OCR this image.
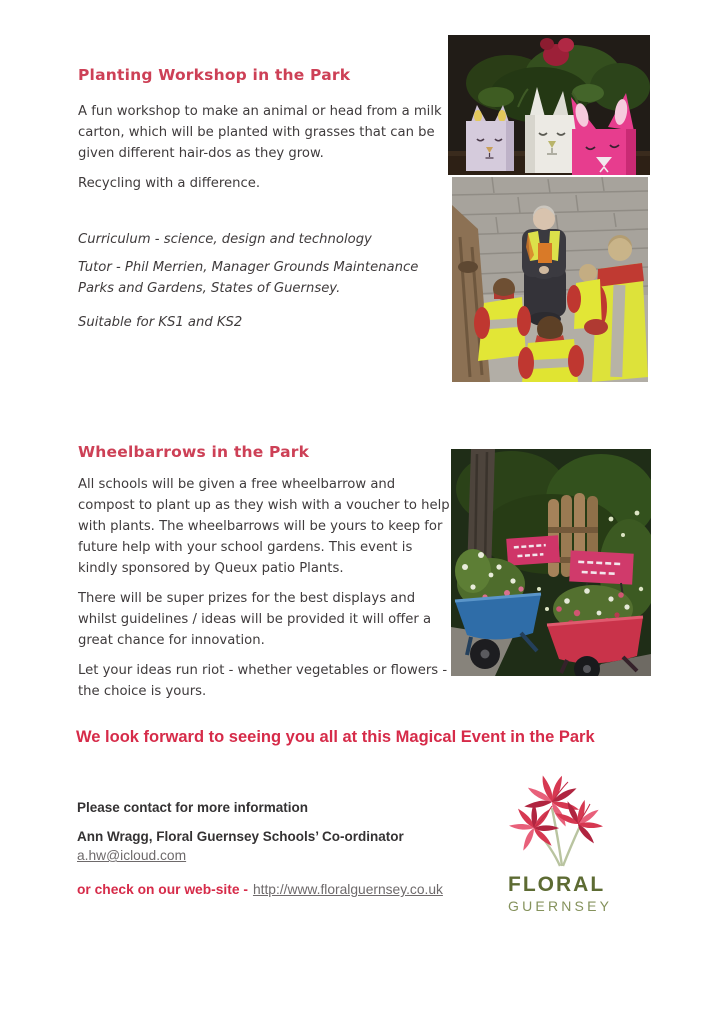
Planting Workshop in the Park

A fun workshop to make an animal or head from a milk carton, which will be planted with grasses that can be given different hair-dos as they grow.

Recycling with a difference.

Curriculum - science, design and technology

Tutor - Phil Merrien, Manager Grounds Maintenance Parks and Gardens, States of Guernsey.

Suitable for KS1 and KS2

Wheelbarrows in the Park

All schools will be given a free wheelbarrow and compost to plant up as they wish with a voucher to help with plants. The wheelbarrows will be yours to keep for future help with your school gardens. This event is kindly sponsored by Queux patio Plants.

There will be super prizes for the best displays and whilst guidelines / ideas will be provided it will offer a great chance for innovation.

Let your ideas run riot - whether vegetables or flowers - the choice is yours.

We look forward to seeing you all at this Magical Event in the Park

Please contact for more information

Ann Wragg, Floral Guernsey Schools’ Co-ordinator

a.hw@icloud.com

or check on our web-site - http://www.floralguernsey.co.uk	FLORAL
GUERNSEY
